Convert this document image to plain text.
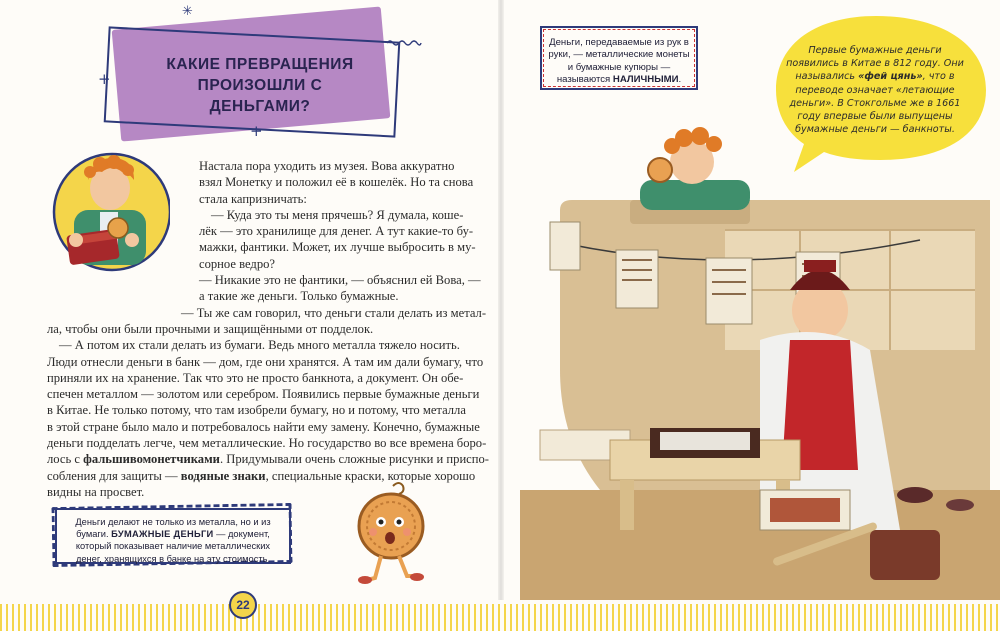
КАКИЕ ПРЕВРАЩЕНИЯ
ПРОИЗОШЛИ С ДЕНЬГАМИ?
✳
+
+
Настала пора уходить из музея. Вова аккуратно
взял Монетку и положил её в кошелёк. Но та снова
стала капризничать:
— Куда это ты меня прячешь? Я думала, коше-
лёк — это хранилище для денег. А тут какие-то бу-
мажки, фантики. Может, их лучше выбросить в му-
сорное ведро?
— Никакие это не фантики, — объяснил ей Вова, —
а такие же деньги. Только бумажные.
— Ты же сам говорил, что деньги стали делать из метал-
ла, чтобы они были прочными и защищёнными от подделок.
— А потом их стали делать из бумаги. Ведь много металла тяжело носить.
Люди отнесли деньги в банк — дом, где они хранятся. А там им дали бумагу, что
приняли их на хранение. Так что это не просто банкнота, а документ. Он обе-
спечен металлом — золотом или серебром. Появились первые бумажные деньги
в Китае. Не только потому, что там изобрели бумагу, но и потому, что металла
в этой стране было мало и потребовалось найти ему замену. Конечно, бумажные
деньги подделать легче, чем металлические. Но государство во все времена борo-
лось с фальшивомонетчиками. Придумывали очень сложные рисунки и приспо-
собления для защиты — водяные знаки, специальные краски, которые хорошо
видны на просвет.
Деньги делают не только из металла, но и из бумаги. БУМАЖНЫЕ ДЕНЬГИ — документ, который показывает наличие металлических денег, хранящихся в банке на эту стоимость.
22
Деньги, передаваемые из рук в руки, — металлические монеты и бумажные купюры — называются НАЛИЧНЫМИ.
Первые бумажные деньги появились в Китае в 812 году. Они назывались «фей цянь», что в переводе означает «летающие деньги». В Стокгольме же в 1661 году впервые были выпущены бумажные деньги — банкноты.
